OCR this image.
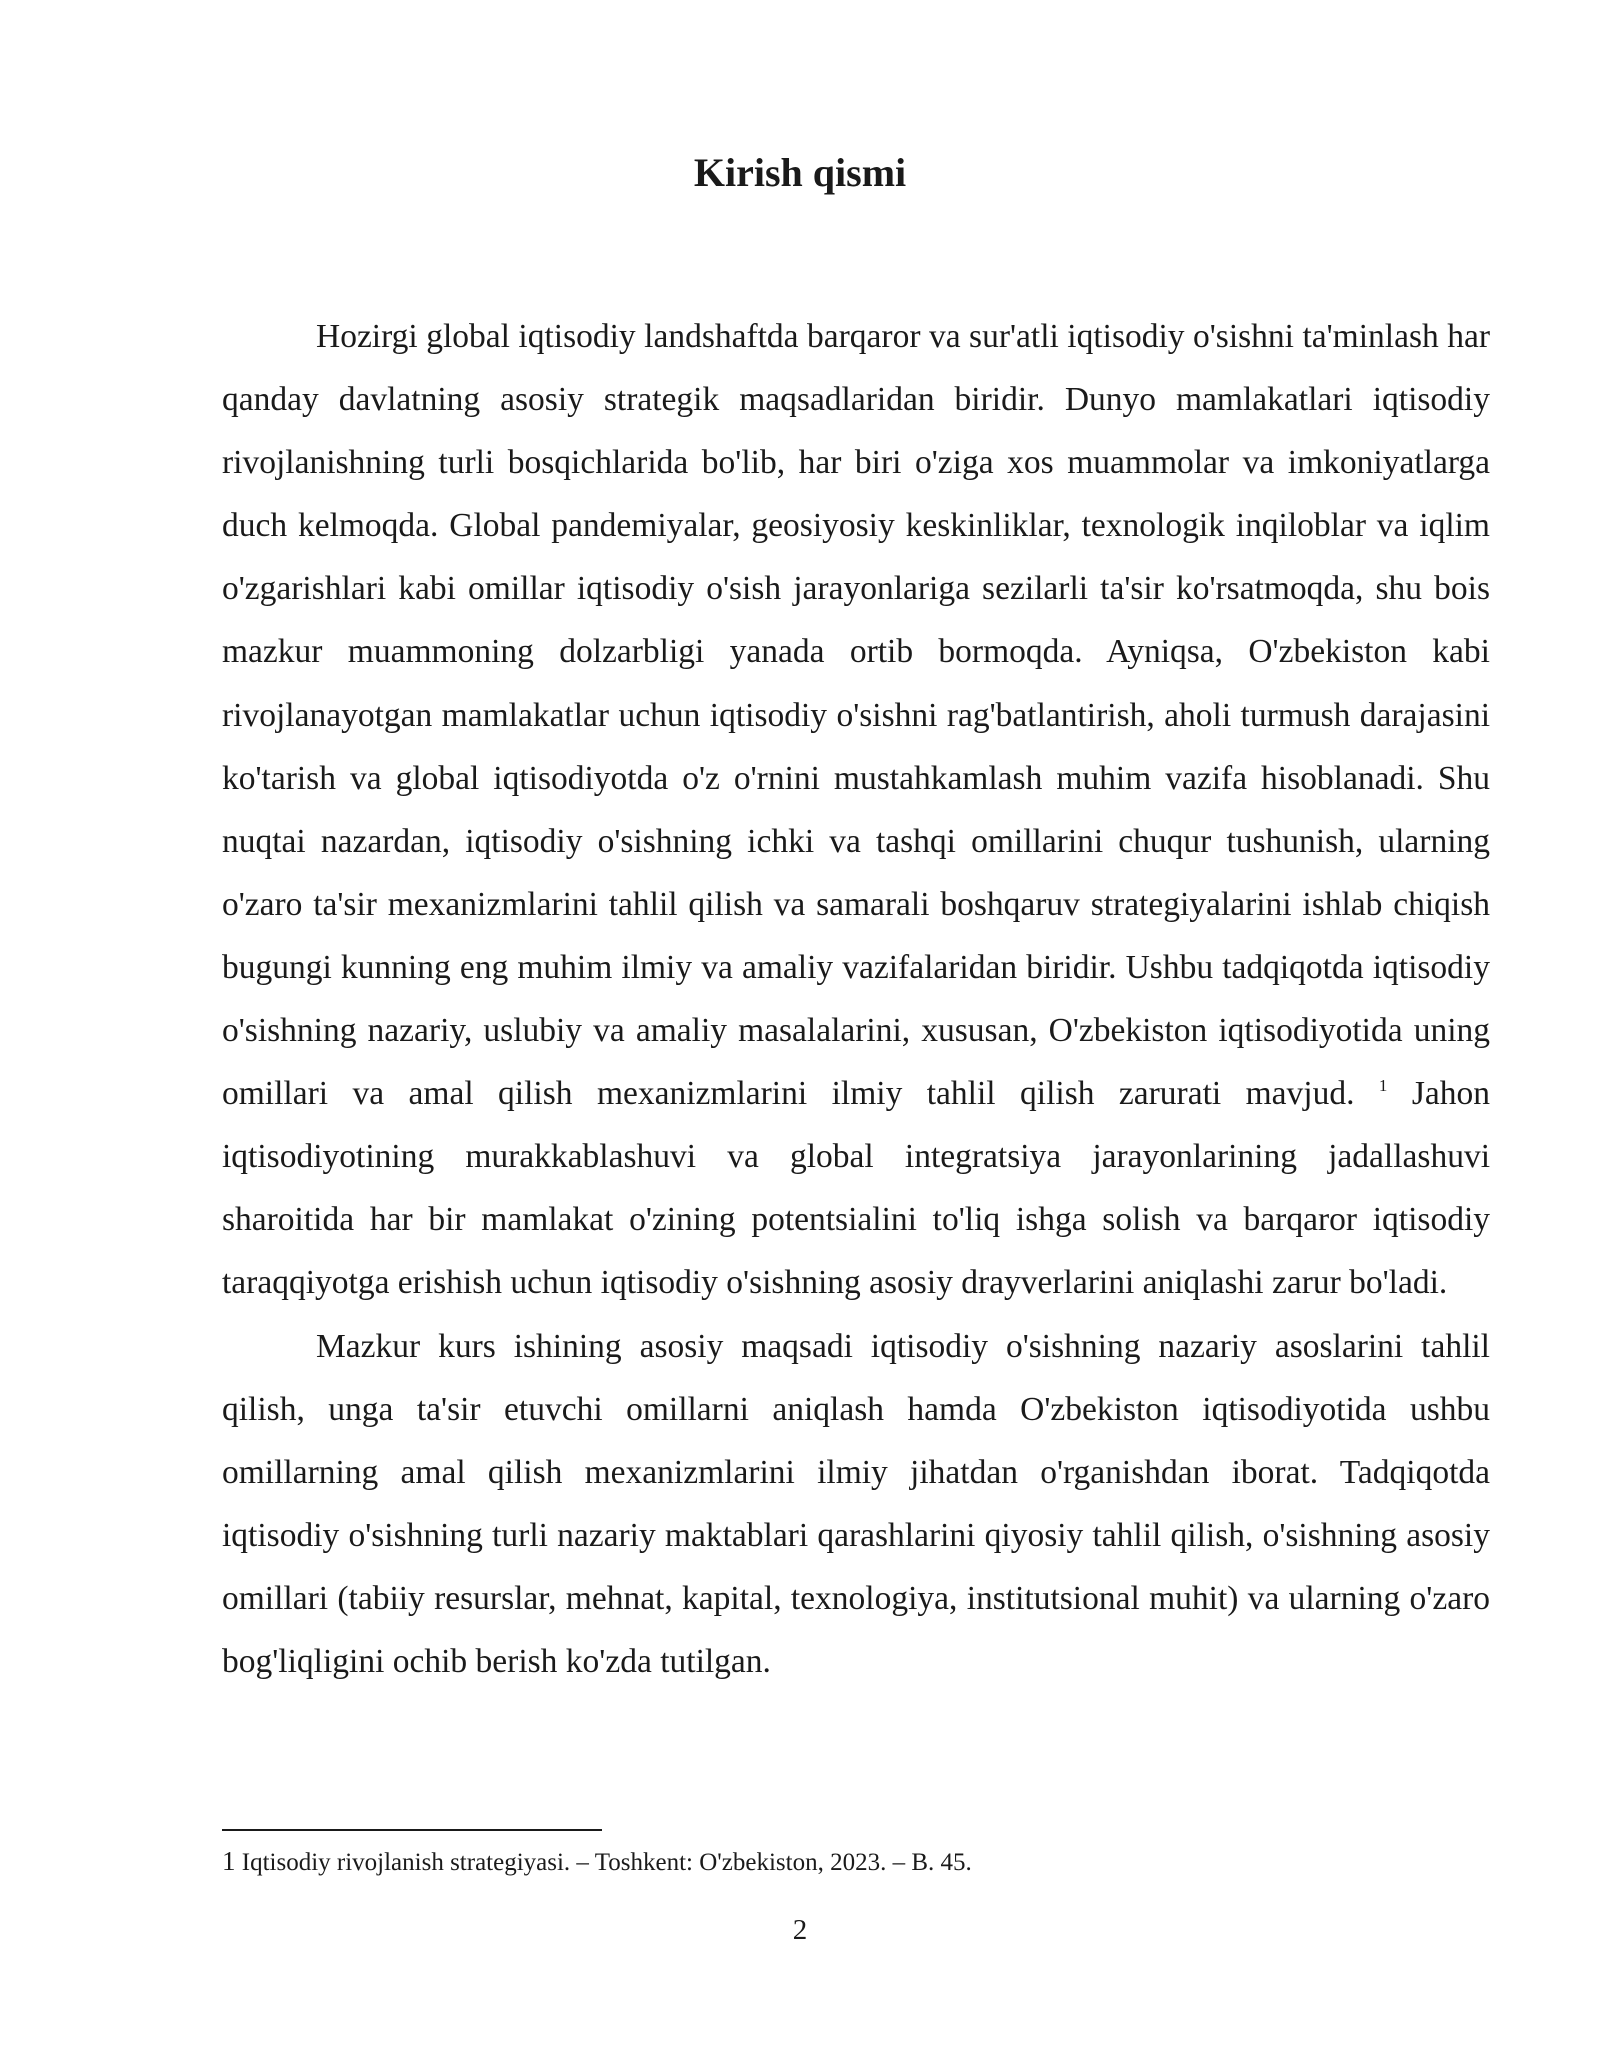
Kirish qismi

Hozirgi global iqtisodiy landshaftda barqaror va sur'atli iqtisodiy o'sishni ta'minlash har qanday davlatning asosiy strategik maqsadlaridan biridir. Dunyo mamlakatlari iqtisodiy rivojlanishning turli bosqichlarida bo'lib, har biri o'ziga xos muammolar va imkoniyatlarga duch kelmoqda. Global pandemiyalar, geosiyosiy keskinliklar, texnologik inqiloblar va iqlim o'zgarishlari kabi omillar iqtisodiy o'sish jarayonlariga sezilarli ta'sir ko'rsatmoqda, shu bois mazkur muammoning dolzarbligi yanada ortib bormoqda. Ayniqsa, O'zbekiston kabi rivojlanayotgan mamlakatlar uchun iqtisodiy o'sishni rag'batlantirish, aholi turmush darajasini ko'tarish va global iqtisodiyotda o'z o'rnini mustahkamlash muhim vazifa hisoblanadi. Shu nuqtai nazardan, iqtisodiy o'sishning ichki va tashqi omillarini chuqur tushunish, ularning o'zaro ta'sir mexanizmlarini tahlil qilish va samarali boshqaruv strategiyalarini ishlab chiqish bugungi kunning eng muhim ilmiy va amaliy vazifalaridan biridir. Ushbu tadqiqotda iqtisodiy o'sishning nazariy, uslubiy va amaliy masalalarini, xususan, O'zbekiston iqtisodiyotida uning omillari va amal qilish mexanizmlarini ilmiy tahlil qilish zarurati mavjud. $^1$ Jahon iqtisodiyotining murakkablashuvi va global integratsiya jarayonlarining jadallashuvi sharoitida har bir mamlakat o'zining potentsialini to'liq ishga solish va barqaror iqtisodiy taraqqiyotga erishish uchun iqtisodiy o'sishning asosiy drayverlarini aniqlashi zarur bo'ladi.

Mazkur kurs ishining asosiy maqsadi iqtisodiy o'sishning nazariy asoslarini tahlil qilish, unga ta'sir etuvchi omillarni aniqlash hamda O'zbekiston iqtisodiyotida ushbu omillarning amal qilish mexanizmlarini ilmiy jihatdan o'rganishdan iborat. Tadqiqotda iqtisodiy o'sishning turli nazariy maktablari qarashlarini qiyosiy tahlil qilish, o'sishning asosiy omillari (tabiiy resurslar, mehnat, kapital, texnologiya, institutsional muhit) va ularning o'zaro bog'liqligini ochib berish ko'zda tutilgan.

1 Iqtisodiy rivojlanish strategiyasi. – Toshkent: O'zbekiston, 2023. – B. 45.
2
